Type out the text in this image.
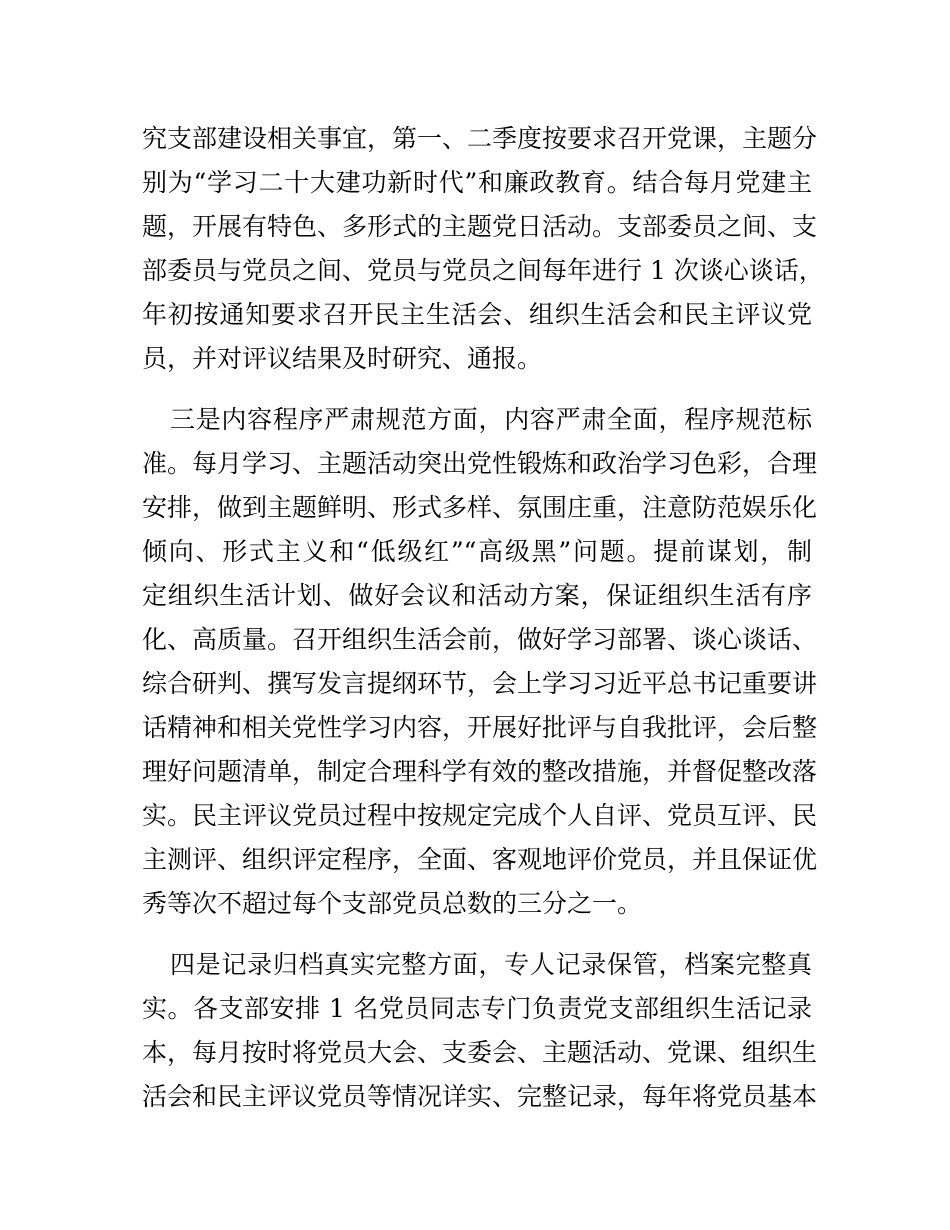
究支部建设相关事宜，第一、二季度按要求召开党课，主题分
别为“学习二十大建功新时代”和廉政教育。结合每月党建主
题，开展有特色、多形式的主题党日活动。支部委员之间、支
部委员与党员之间、党员与党员之间每年进行 1 次谈心谈话，
年初按通知要求召开民主生活会、组织生活会和民主评议党
员，并对评议结果及时研究、通报。
三是内容程序严肃规范方面，内容严肃全面，程序规范标
准。每月学习、主题活动突出党性锻炼和政治学习色彩，合理
安排，做到主题鲜明、形式多样、氛围庄重，注意防范娱乐化
倾向、形式主义和“低级红”“高级黑”问题。提前谋划，制
定组织生活计划、做好会议和活动方案，保证组织生活有序
化、高质量。召开组织生活会前，做好学习部署、谈心谈话、
综合研判、撰写发言提纲环节，会上学习习近平总书记重要讲
话精神和相关党性学习内容，开展好批评与自我批评，会后整
理好问题清单，制定合理科学有效的整改措施，并督促整改落
实。民主评议党员过程中按规定完成个人自评、党员互评、民
主测评、组织评定程序，全面、客观地评价党员，并且保证优
秀等次不超过每个支部党员总数的三分之一。
四是记录归档真实完整方面，专人记录保管，档案完整真
实。各支部安排 1 名党员同志专门负责党支部组织生活记录
本，每月按时将党员大会、支委会、主题活动、党课、组织生
活会和民主评议党员等情况详实、完整记录，每年将党员基本
